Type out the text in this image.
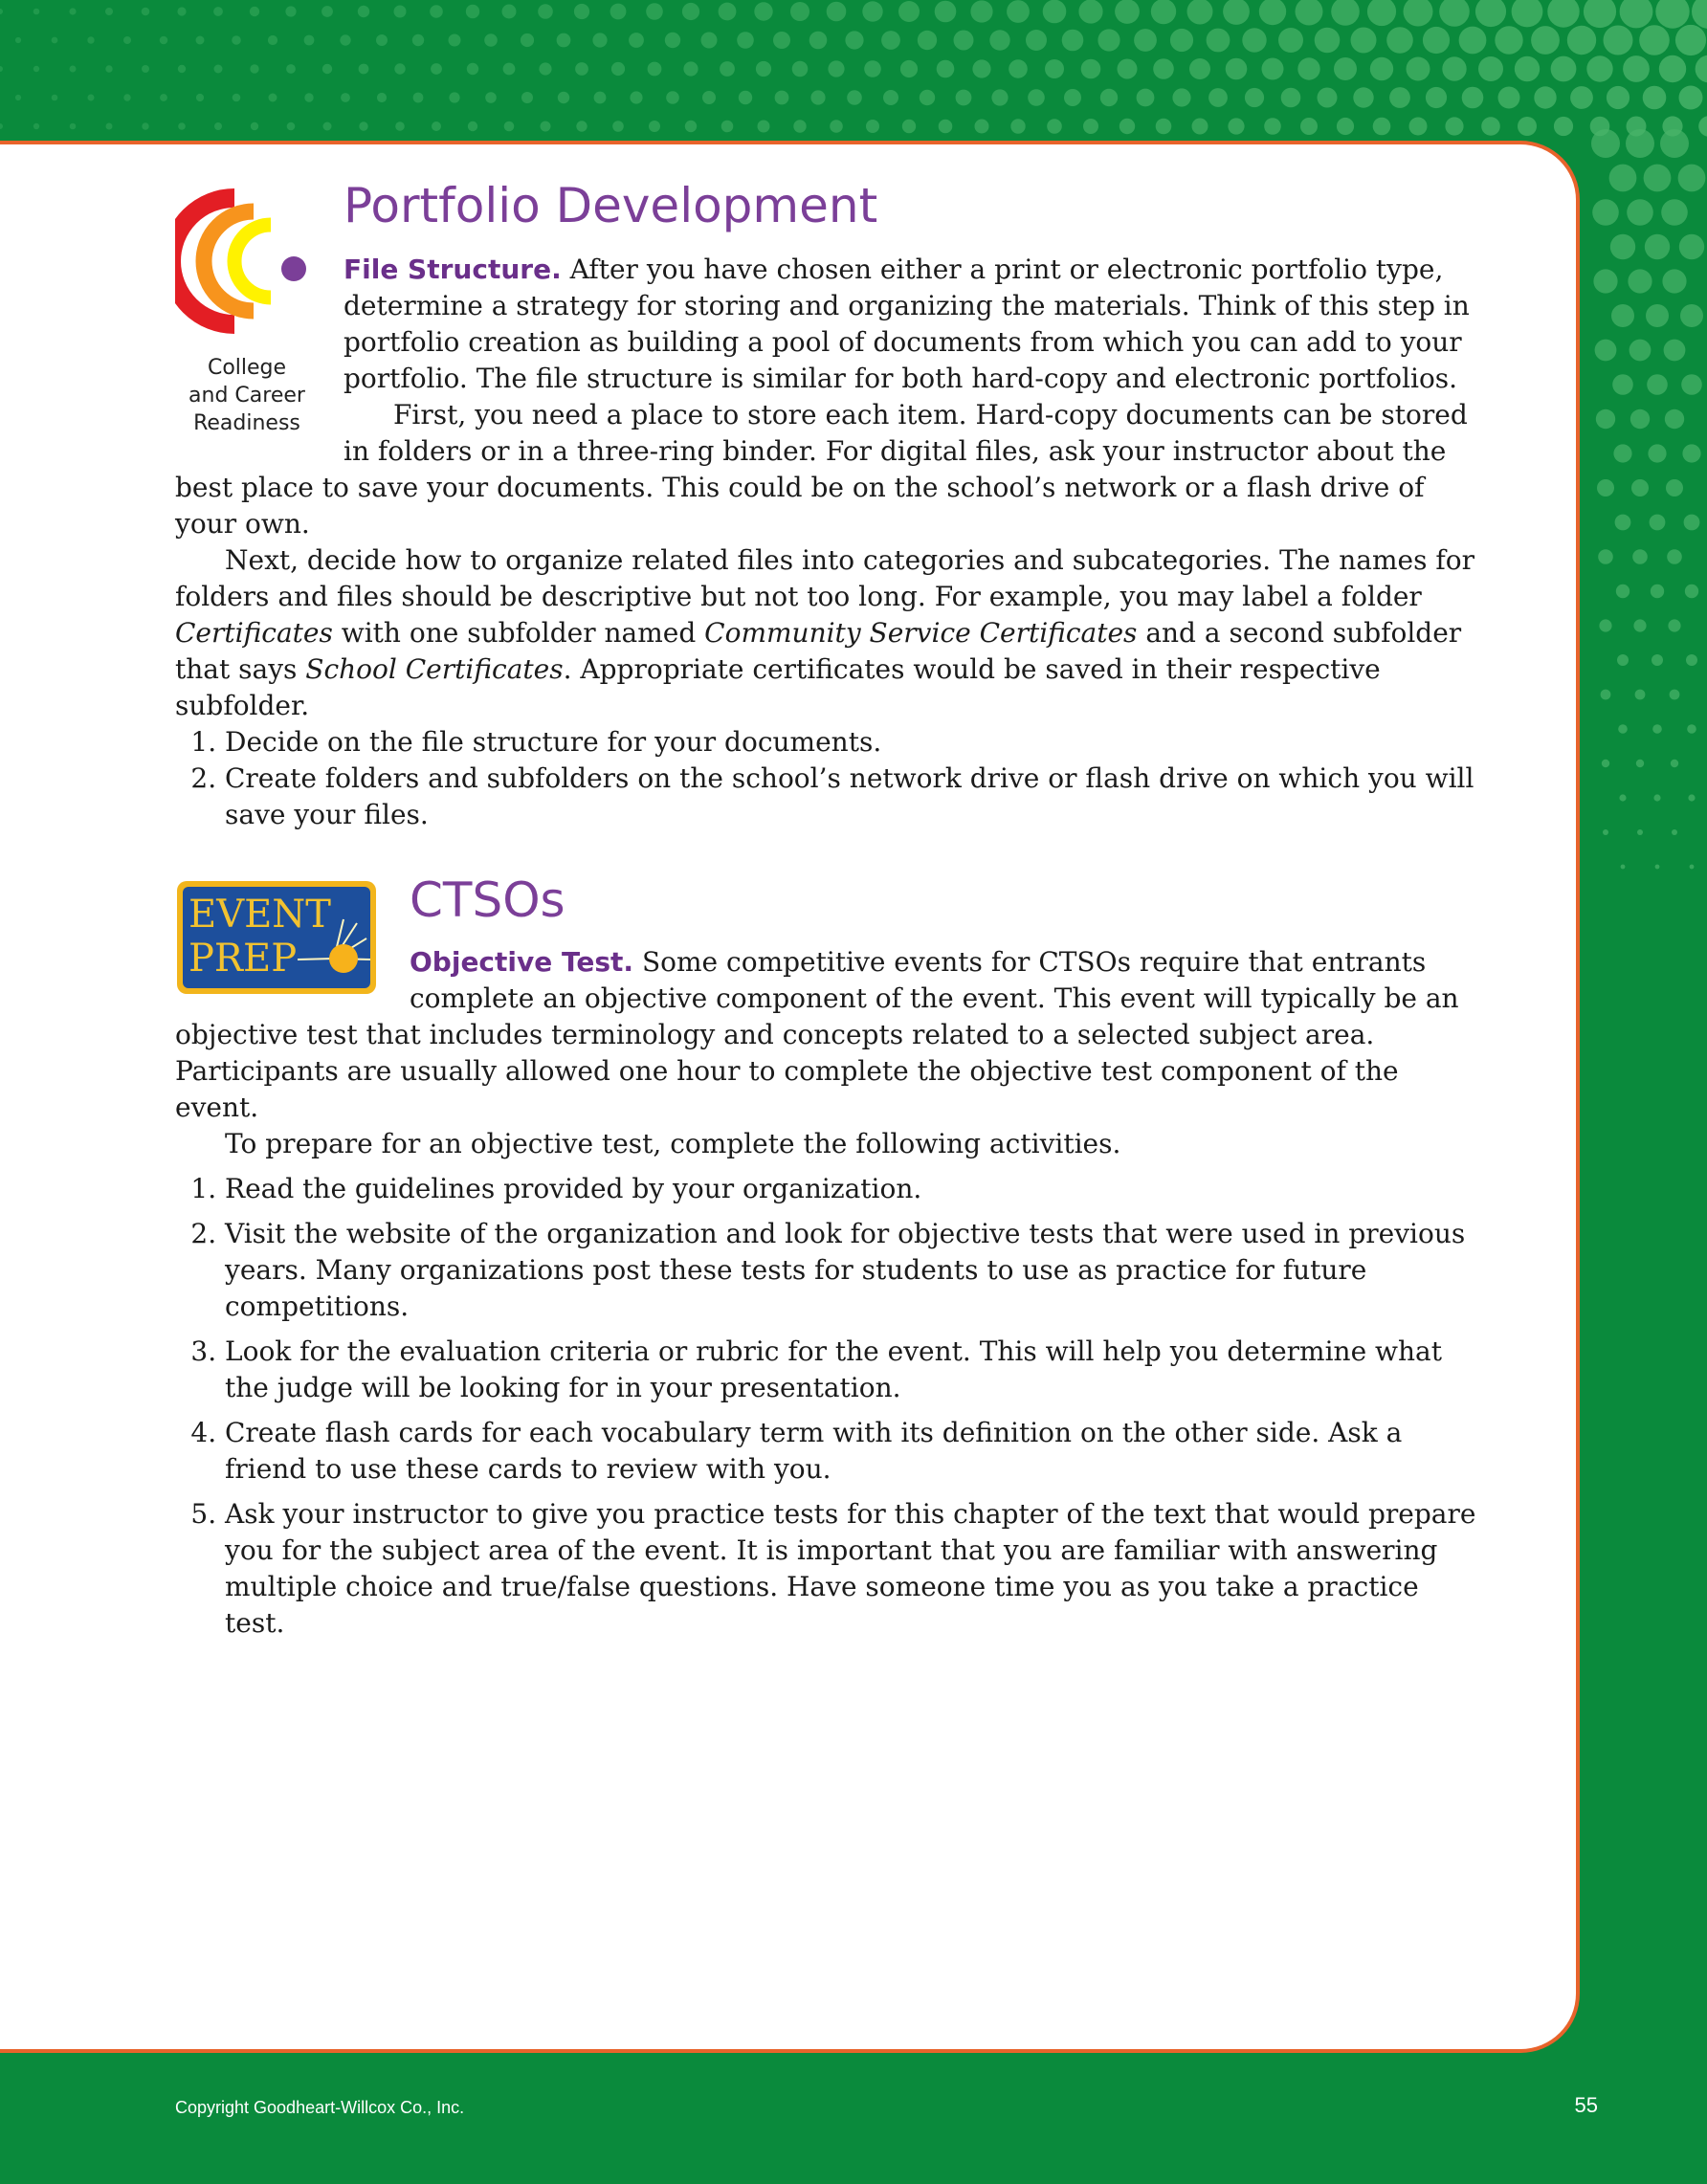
College
and Career
Readiness
Portfolio Development

File Structure. After you have chosen either a print or electronic portfolio type, determine a strategy for storing and organizing the materials. Think of this step in portfolio creation as building a pool of documents from which you can add to your portfolio. The file structure is similar for both hard-copy and electronic portfolios.

First, you need a place to store each item. Hard-copy documents can be stored in folders or in a three-ring binder. For digital files, ask your instructor about the best place to save your documents. This could be on the school’s network or a flash drive of your own.

Next, decide how to organize related files into categories and subcategories. The names for folders and files should be descriptive but not too long. For example, you may label a folder Certificates with one subfolder named Community Service Certificates and a second subfolder that says School Certificates. Appropriate certificates would be saved in their respective subfolder.

1. Decide on the file structure for your documents.
2. Create folders and subfolders on the school’s network drive or flash drive on which you will save your files.
EVENT
PREP
CTSOs

Objective Test. Some competitive events for CTSOs require that entrants complete an objective component of the event. This event will typically be an objective test that includes terminology and concepts related to a selected subject area. Participants are usually allowed one hour to complete the objective test component of the event.

To prepare for an objective test, complete the following activities.

1. Read the guidelines provided by your organization.
2. Visit the website of the organization and look for objective tests that were used in previous years. Many organizations post these tests for students to use as practice for future competitions.
3. Look for the evaluation criteria or rubric for the event. This will help you determine what the judge will be looking for in your presentation.
4. Create flash cards for each vocabulary term with its definition on the other side. Ask a friend to use these cards to review with you.
5. Ask your instructor to give you practice tests for this chapter of the text that would prepare you for the subject area of the event. It is important that you are familiar with answering multiple choice and true/false questions. Have someone time you as you take a practice test.
Copyright Goodheart-Willcox Co., Inc.	55
